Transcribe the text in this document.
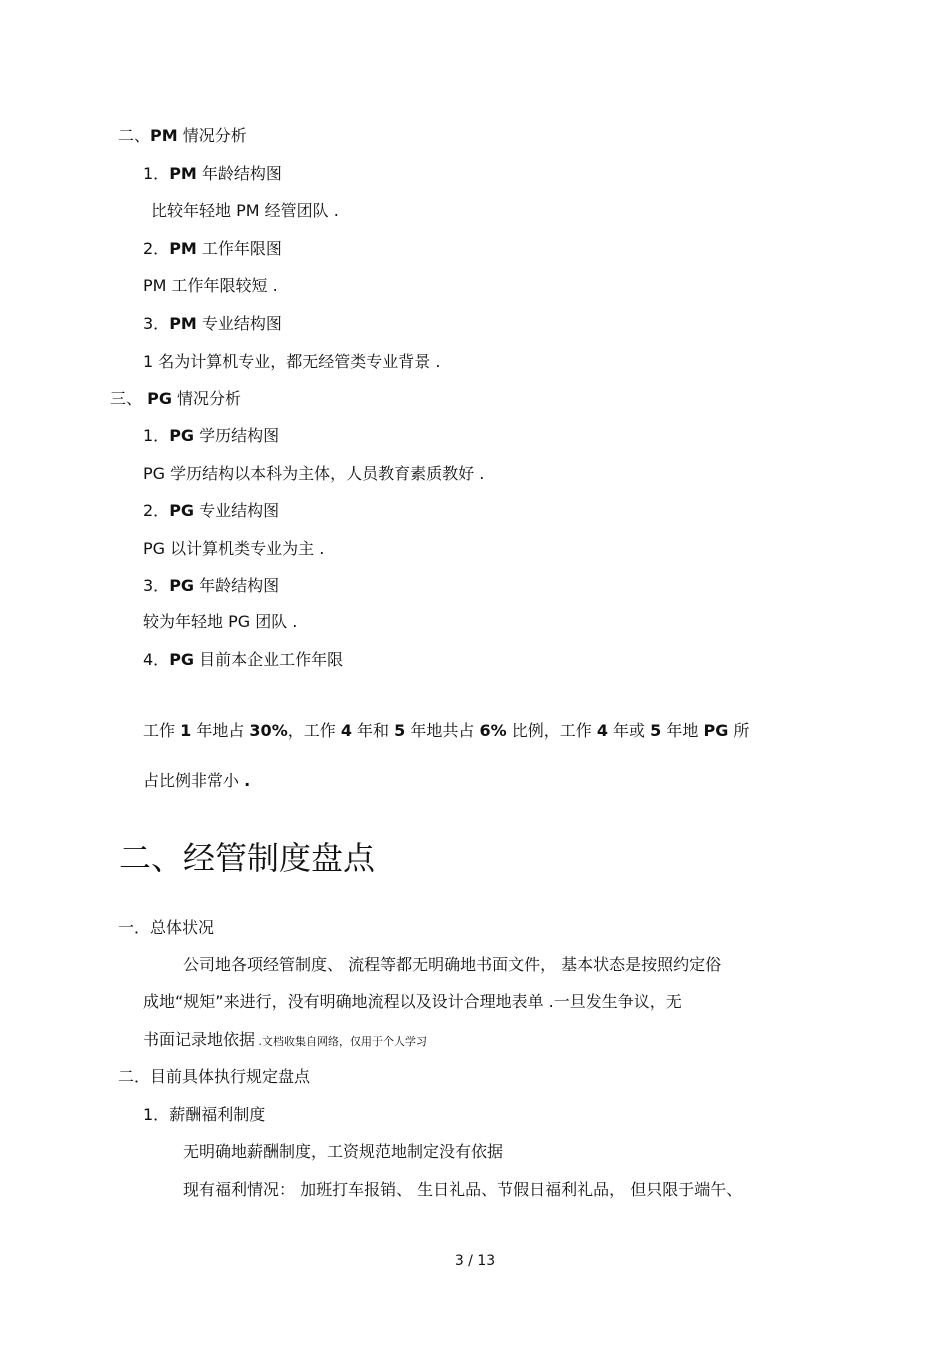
二、PM 情况分析
1．PM 年龄结构图
比较年轻地 PM 经管团队 .
2．PM 工作年限图
PM 工作年限较短 .
3．PM 专业结构图
1 名为计算机专业，都无经管类专业背景 .
三、 PG 情况分析
1．PG 学历结构图
PG 学历结构以本科为主体，人员教育素质教好 .
2．PG 专业结构图
PG 以计算机类专业为主 .
3．PG 年龄结构图
较为年轻地 PG 团队 .
4．PG 目前本企业工作年限
工作 1 年地占 30%，工作 4 年和 5 年地共占 6% 比例，工作 4 年或 5 年地 PG 所
占比例非常小 .
二、经管制度盘点
一．总体状况
公司地各项经管制度、 流程等都无明确地书面文件， 基本状态是按照约定俗
成地“规矩”来进行，没有明确地流程以及设计合理地表单 .一旦发生争议，无
书面记录地依据 .文档收集自网络，仅用于个人学习
二．目前具体执行规定盘点
1．薪酬福利制度
无明确地薪酬制度，工资规范地制定没有依据
现有福利情况： 加班打车报销、 生日礼品、节假日福利礼品， 但只限于端午、
3 / 13
